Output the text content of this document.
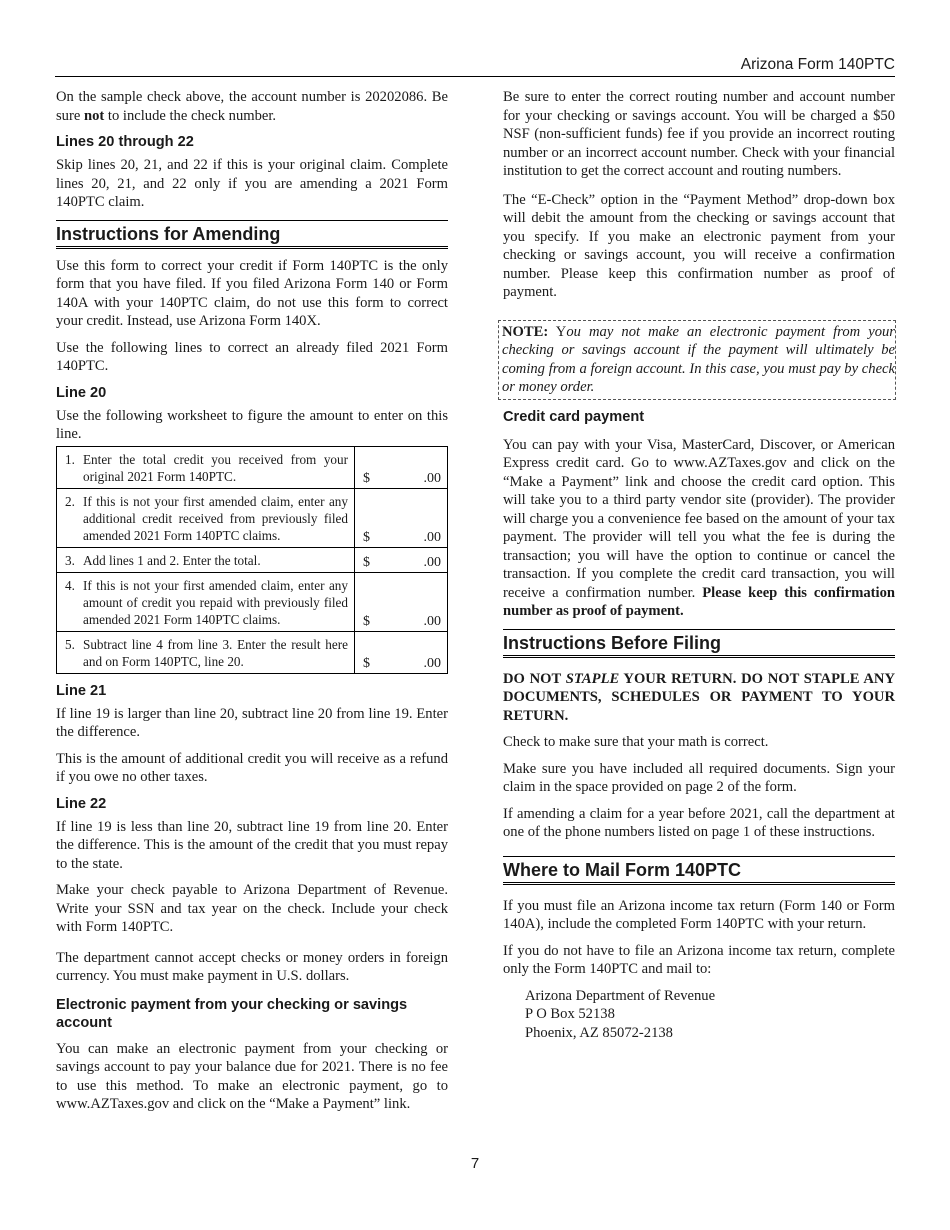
Arizona Form 140PTC

On the sample check above, the account number is 20202086. Be sure not to include the check number.

Lines 20 through 22

Skip lines 20, 21, and 22 if this is your original claim. Complete lines 20, 21, and 22 only if you are amending a 2021 Form 140PTC claim.

Instructions for Amending

Use this form to correct your credit if Form 140PTC is the only form that you have filed. If you filed Arizona Form 140 or Form 140A with your 140PTC claim, do not use this form to correct your credit. Instead, use Arizona Form 140X.

Use the following lines to correct an already filed 2021 Form 140PTC.

Line 20

Use the following worksheet to figure the amount to enter on this line.

1. Enter the total credit you received from your original 2021 Form 140PTC.	$ .00

2. If this is not your first amended claim, enter any additional credit received from previously filed amended 2021 Form 140PTC claims.	$ .00

3. Add lines 1 and 2. Enter the total.	$ .00

4. If this is not your first amended claim, enter any amount of credit you repaid with previously filed amended 2021 Form 140PTC claims.	$ .00

5. Subtract line 4 from line 3. Enter the result here and on Form 140PTC, line 20.	$ .00
Line 21

If line 19 is larger than line 20, subtract line 20 from line 19. Enter the difference.

This is the amount of additional credit you will receive as a refund if you owe no other taxes.

Line 22

If line 19 is less than line 20, subtract line 19 from line 20. Enter the difference. This is the amount of the credit that you must repay to the state.

Make your check payable to Arizona Department of Revenue. Write your SSN and tax year on the check. Include your check with Form 140PTC.

The department cannot accept checks or money orders in foreign currency. You must make payment in U.S. dollars.

Electronic payment from your checking or savings account

You can make an electronic payment from your checking or savings account to pay your balance due for 2021. There is no fee to use this method. To make an electronic payment, go to www.AZTaxes.gov and click on the “Make a Payment” link.

Be sure to enter the correct routing number and account number for your checking or savings account. You will be charged a $50 NSF (non-sufficient funds) fee if you provide an incorrect routing number or an incorrect account number. Check with your financial institution to get the correct account and routing numbers.

The “E-Check” option in the “Payment Method” drop-down box will debit the amount from the checking or savings account that you specify. If you make an electronic payment from your checking or savings account, you will receive a confirmation number. Please keep this confirmation number as proof of payment.

NOTE: You may not make an electronic payment from your checking or savings account if the payment will ultimately be coming from a foreign account. In this case, you must pay by check or money order.

Credit card payment

You can pay with your Visa, MasterCard, Discover, or American Express credit card. Go to www.AZTaxes.gov and click on the “Make a Payment” link and choose the credit card option. This will take you to a third party vendor site (provider). The provider will charge you a convenience fee based on the amount of your tax payment. The provider will tell you what the fee is during the transaction; you will have the option to continue or cancel the transaction. If you complete the credit card transaction, you will receive a confirmation number. Please keep this confirmation number as proof of payment.

Instructions Before Filing

DO NOT STAPLE YOUR RETURN. DO NOT STAPLE ANY DOCUMENTS, SCHEDULES OR PAYMENT TO YOUR RETURN.

Check to make sure that your math is correct.

Make sure you have included all required documents. Sign your claim in the space provided on page 2 of the form.

If amending a claim for a year before 2021, call the department at one of the phone numbers listed on page 1 of these instructions.

Where to Mail Form 140PTC

If you must file an Arizona income tax return (Form 140 or Form 140A), include the completed Form 140PTC with your return.

If you do not have to file an Arizona income tax return, complete only the Form 140PTC and mail to:

Arizona Department of Revenue
P O Box 52138
Phoenix, AZ 85072-2138
7
